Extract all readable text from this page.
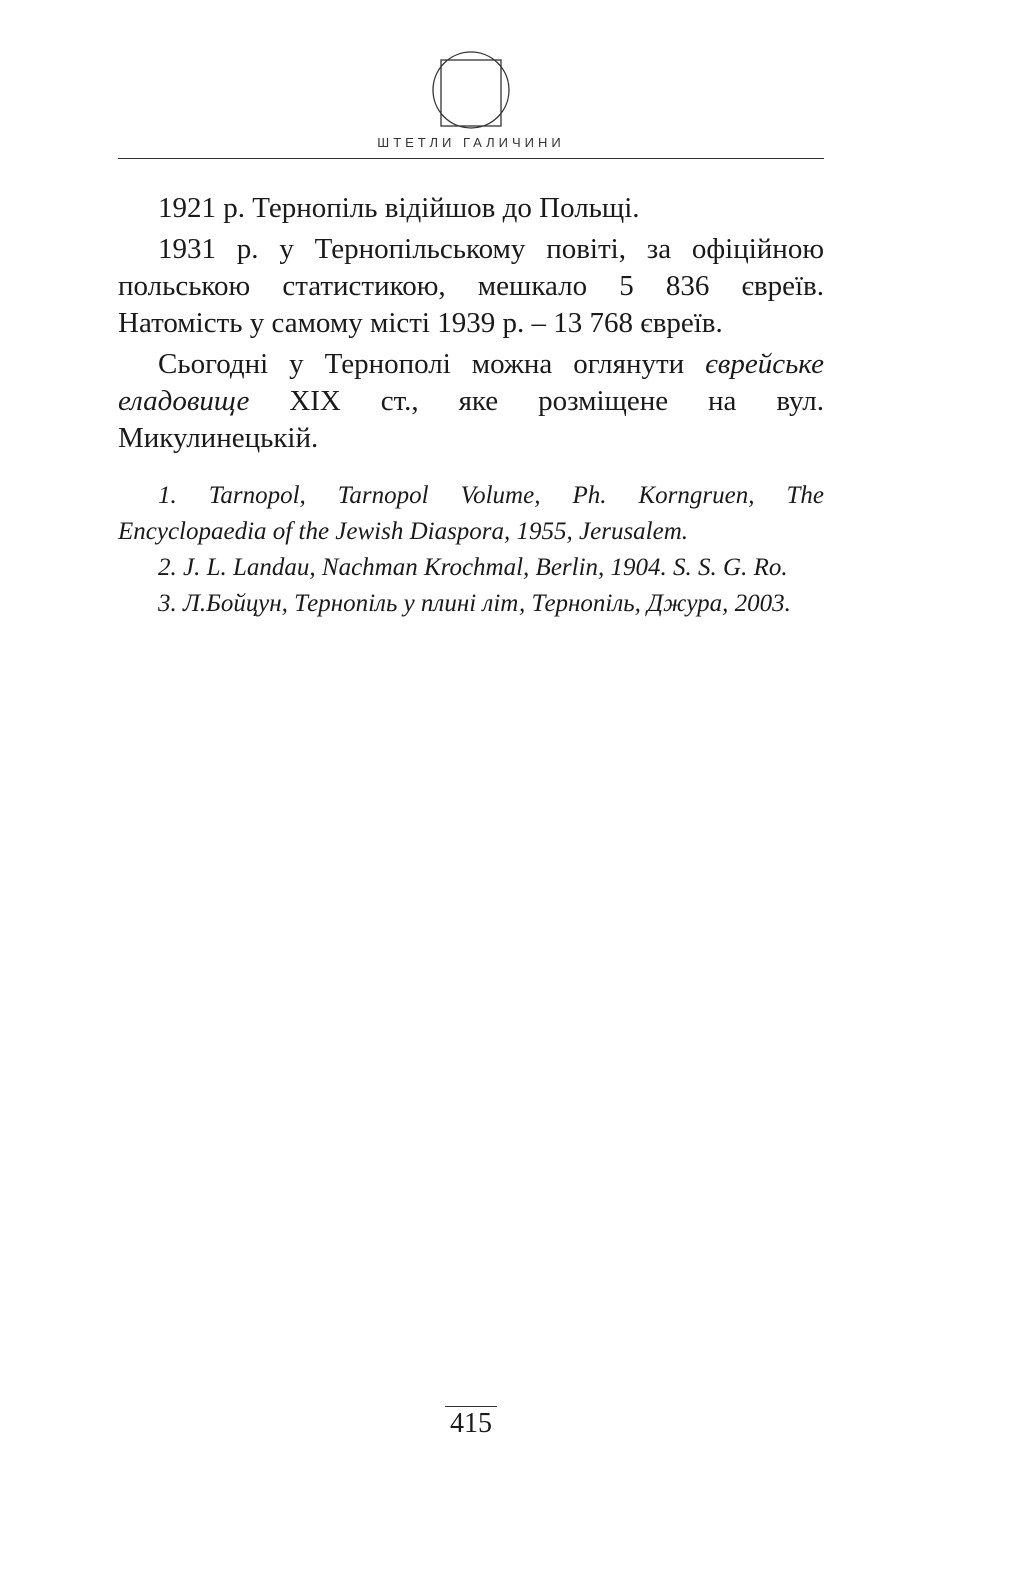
ШТЕТЛИ ГАЛИЧИНИ

1921 р. Тернопіль відійшов до Польщі.

1931 р. у Тернопільському повіті, за офіційною польською статистикою, мешкало 5 836 євреїв. Натомість у самому місті 1939 р. – 13 768 євреїв.

Сьогодні у Тернополі можна оглянути єврейське еладовище XIX ст., яке розміщене на вул. Микулинецькій.

1. Tarnopol, Tarnopol Volume, Ph. Korngruen, The Encyclopaedia of the Jewish Diaspora, 1955, Jerusalem.

2. J. L. Landau, Nachman Krochmal, Berlin, 1904. S. S. G. Ro.

3. Л.Бойцун, Тернопіль у плині літ, Тернопіль, Джура, 2003.

415
